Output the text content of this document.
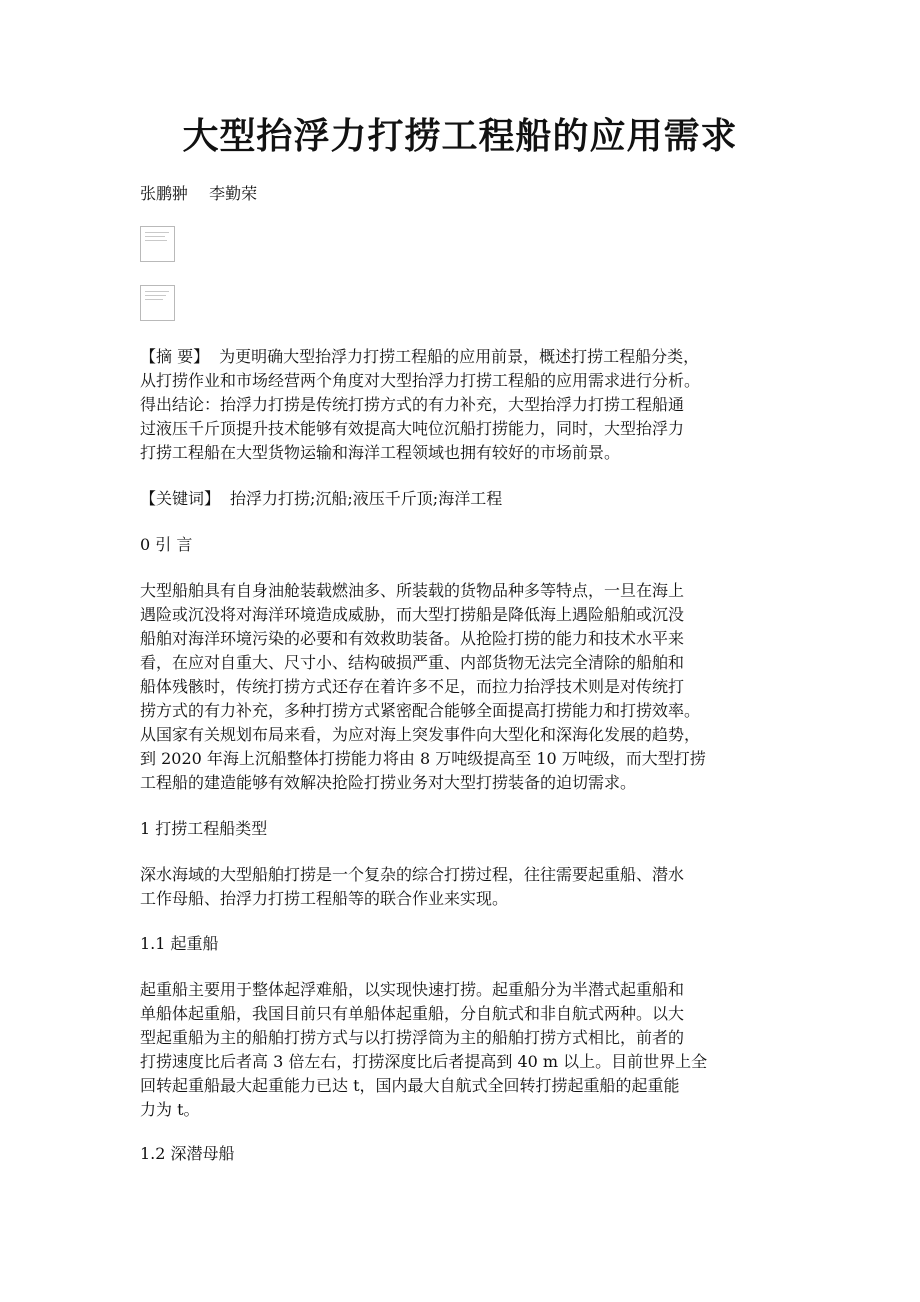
大型抬浮力打捞工程船的应用需求
张鹏翀 李勤荣
【摘 要】 为更明确大型抬浮力打捞工程船的应用前景，概述打捞工程船分类，
从打捞作业和市场经营两个角度对大型抬浮力打捞工程船的应用需求进行分析。
得出结论：抬浮力打捞是传统打捞方式的有力补充，大型抬浮力打捞工程船通
过液压千斤顶提升技术能够有效提高大吨位沉船打捞能力，同时，大型抬浮力
打捞工程船在大型货物运输和海洋工程领域也拥有较好的市场前景。
【关键词】 抬浮力打捞;沉船;液压千斤顶;海洋工程
0 引 言
大型船舶具有自身油舱装载燃油多、所装载的货物品种多等特点，一旦在海上
遇险或沉没将对海洋环境造成威胁，而大型打捞船是降低海上遇险船舶或沉没
船舶对海洋环境污染的必要和有效救助装备。从抢险打捞的能力和技术水平来
看，在应对自重大、尺寸小、结构破损严重、内部货物无法完全清除的船舶和
船体残骸时，传统打捞方式还存在着许多不足，而拉力抬浮技术则是对传统打
捞方式的有力补充，多种打捞方式紧密配合能够全面提高打捞能力和打捞效率。
从国家有关规划布局来看，为应对海上突发事件向大型化和深海化发展的趋势，
到 2020 年海上沉船整体打捞能力将由 8 万吨级提高至 10 万吨级，而大型打捞
工程船的建造能够有效解决抢险打捞业务对大型打捞装备的迫切需求。
1 打捞工程船类型
深水海域的大型船舶打捞是一个复杂的综合打捞过程，往往需要起重船、潜水
工作母船、抬浮力打捞工程船等的联合作业来实现。
1.1 起重船
起重船主要用于整体起浮难船，以实现快速打捞。起重船分为半潜式起重船和
单船体起重船，我国目前只有单船体起重船，分自航式和非自航式两种。以大
型起重船为主的船舶打捞方式与以打捞浮筒为主的船舶打捞方式相比，前者的
打捞速度比后者高 3 倍左右，打捞深度比后者提高到 40 m 以上。目前世界上全
回转起重船最大起重能力已达 t，国内最大自航式全回转打捞起重船的起重能
力为 t。
1.2 深潜母船
